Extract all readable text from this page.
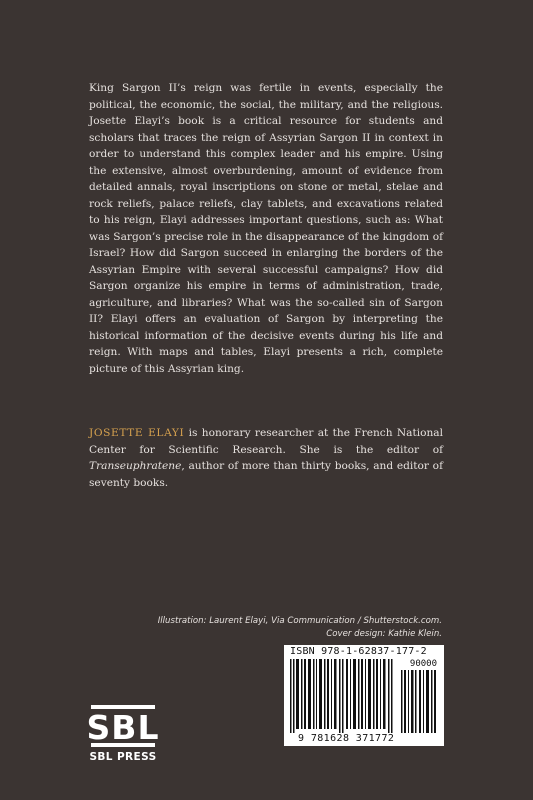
King Sargon II’s reign was fertile in events, especially the political, the economic, the social, the military, and the religious. Josette Elayi’s book is a critical resource for students and scholars that traces the reign of Assyrian Sargon II in context in order to understand this complex leader and his empire. Using the extensive, almost overburdening, amount of evidence from detailed annals, royal inscriptions on stone or metal, stelae and rock reliefs, palace reliefs, clay tablets, and excavations related to his reign, Elayi addresses important questions, such as: What was Sargon’s precise role in the disappearance of the kingdom of Israel? How did Sargon succeed in enlarging the borders of the Assyrian Empire with several successful campaigns? How did Sargon organize his empire in terms of administration, trade, agriculture, and libraries? What was the so-called sin of Sargon II? Elayi offers an evaluation of Sargon by interpreting the historical information of the decisive events during his life and reign. With maps and tables, Elayi presents a rich, complete picture of this Assyrian king.

JOSETTE ELAYI is honorary researcher at the French National Center for Scientific Research. She is the editor of Transeuphratene, author of more than thirty books, and editor of seventy books.

Illustration: Laurent Elayi, Via Communication / Shutterstock.com.
Cover design: Kathie Klein.
ISBN 978-1-62837-177-2
90000
9 781628 371772
SBL
SBL PRESS
